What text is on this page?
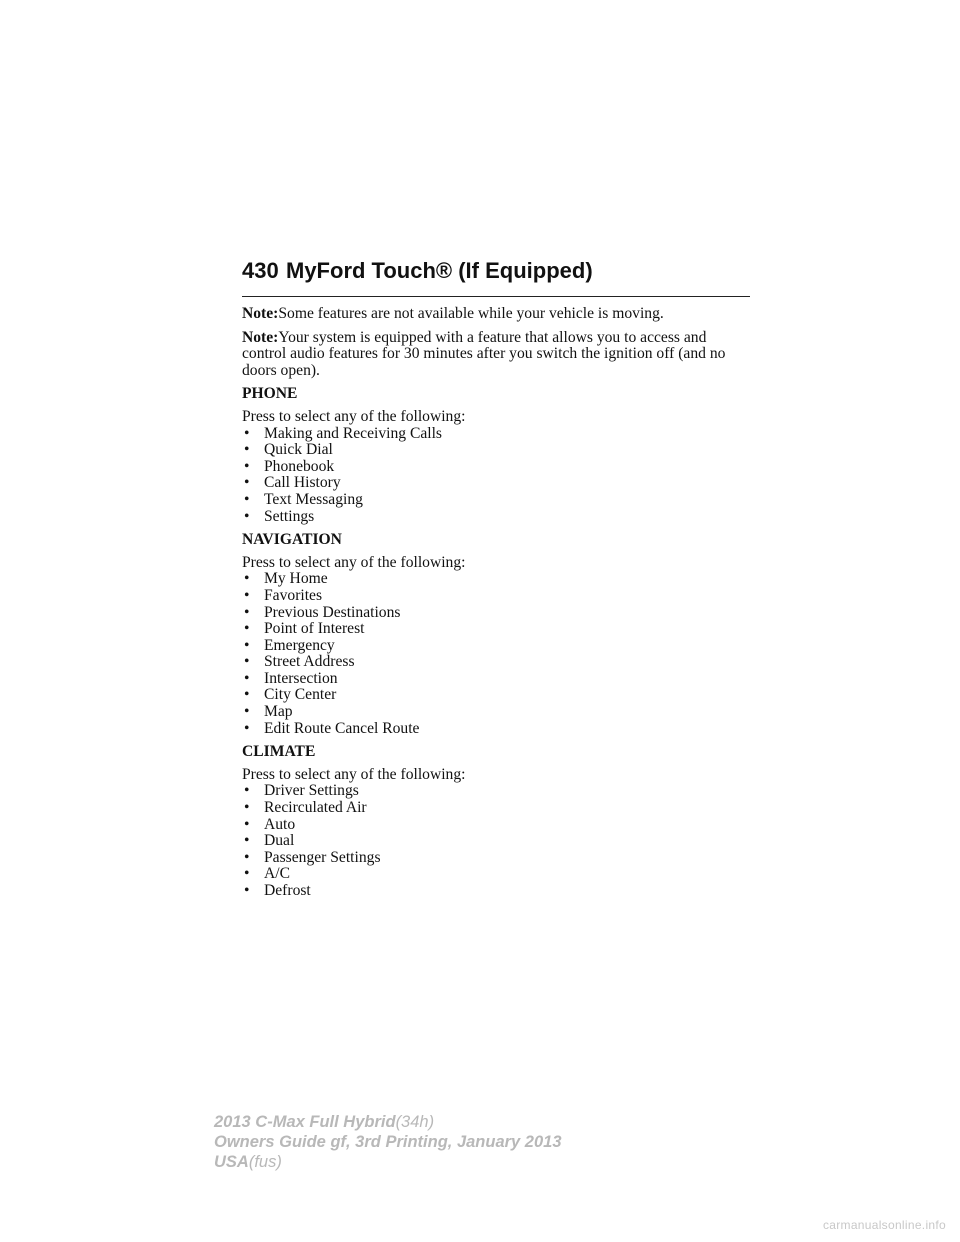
430 MyFord Touch® (If Equipped)

Note:Some features are not available while your vehicle is moving.

Note:Your system is equipped with a feature that allows you to access and control audio features for 30 minutes after you switch the ignition off (and no doors open).

PHONE

Press to select any of the following:

• Making and Receiving Calls
• Quick Dial
• Phonebook
• Call History
• Text Messaging
• Settings

NAVIGATION

Press to select any of the following:

• My Home
• Favorites
• Previous Destinations
• Point of Interest
• Emergency
• Street Address
• Intersection
• City Center
• Map
• Edit Route Cancel Route

CLIMATE

Press to select any of the following:

• Driver Settings
• Recirculated Air
• Auto
• Dual
• Passenger Settings
• A/C
• Defrost
2013 C-Max Full Hybrid(34h)
Owners Guide gf, 3rd Printing, January 2013
USA(fus)
carmanualsonline.info
